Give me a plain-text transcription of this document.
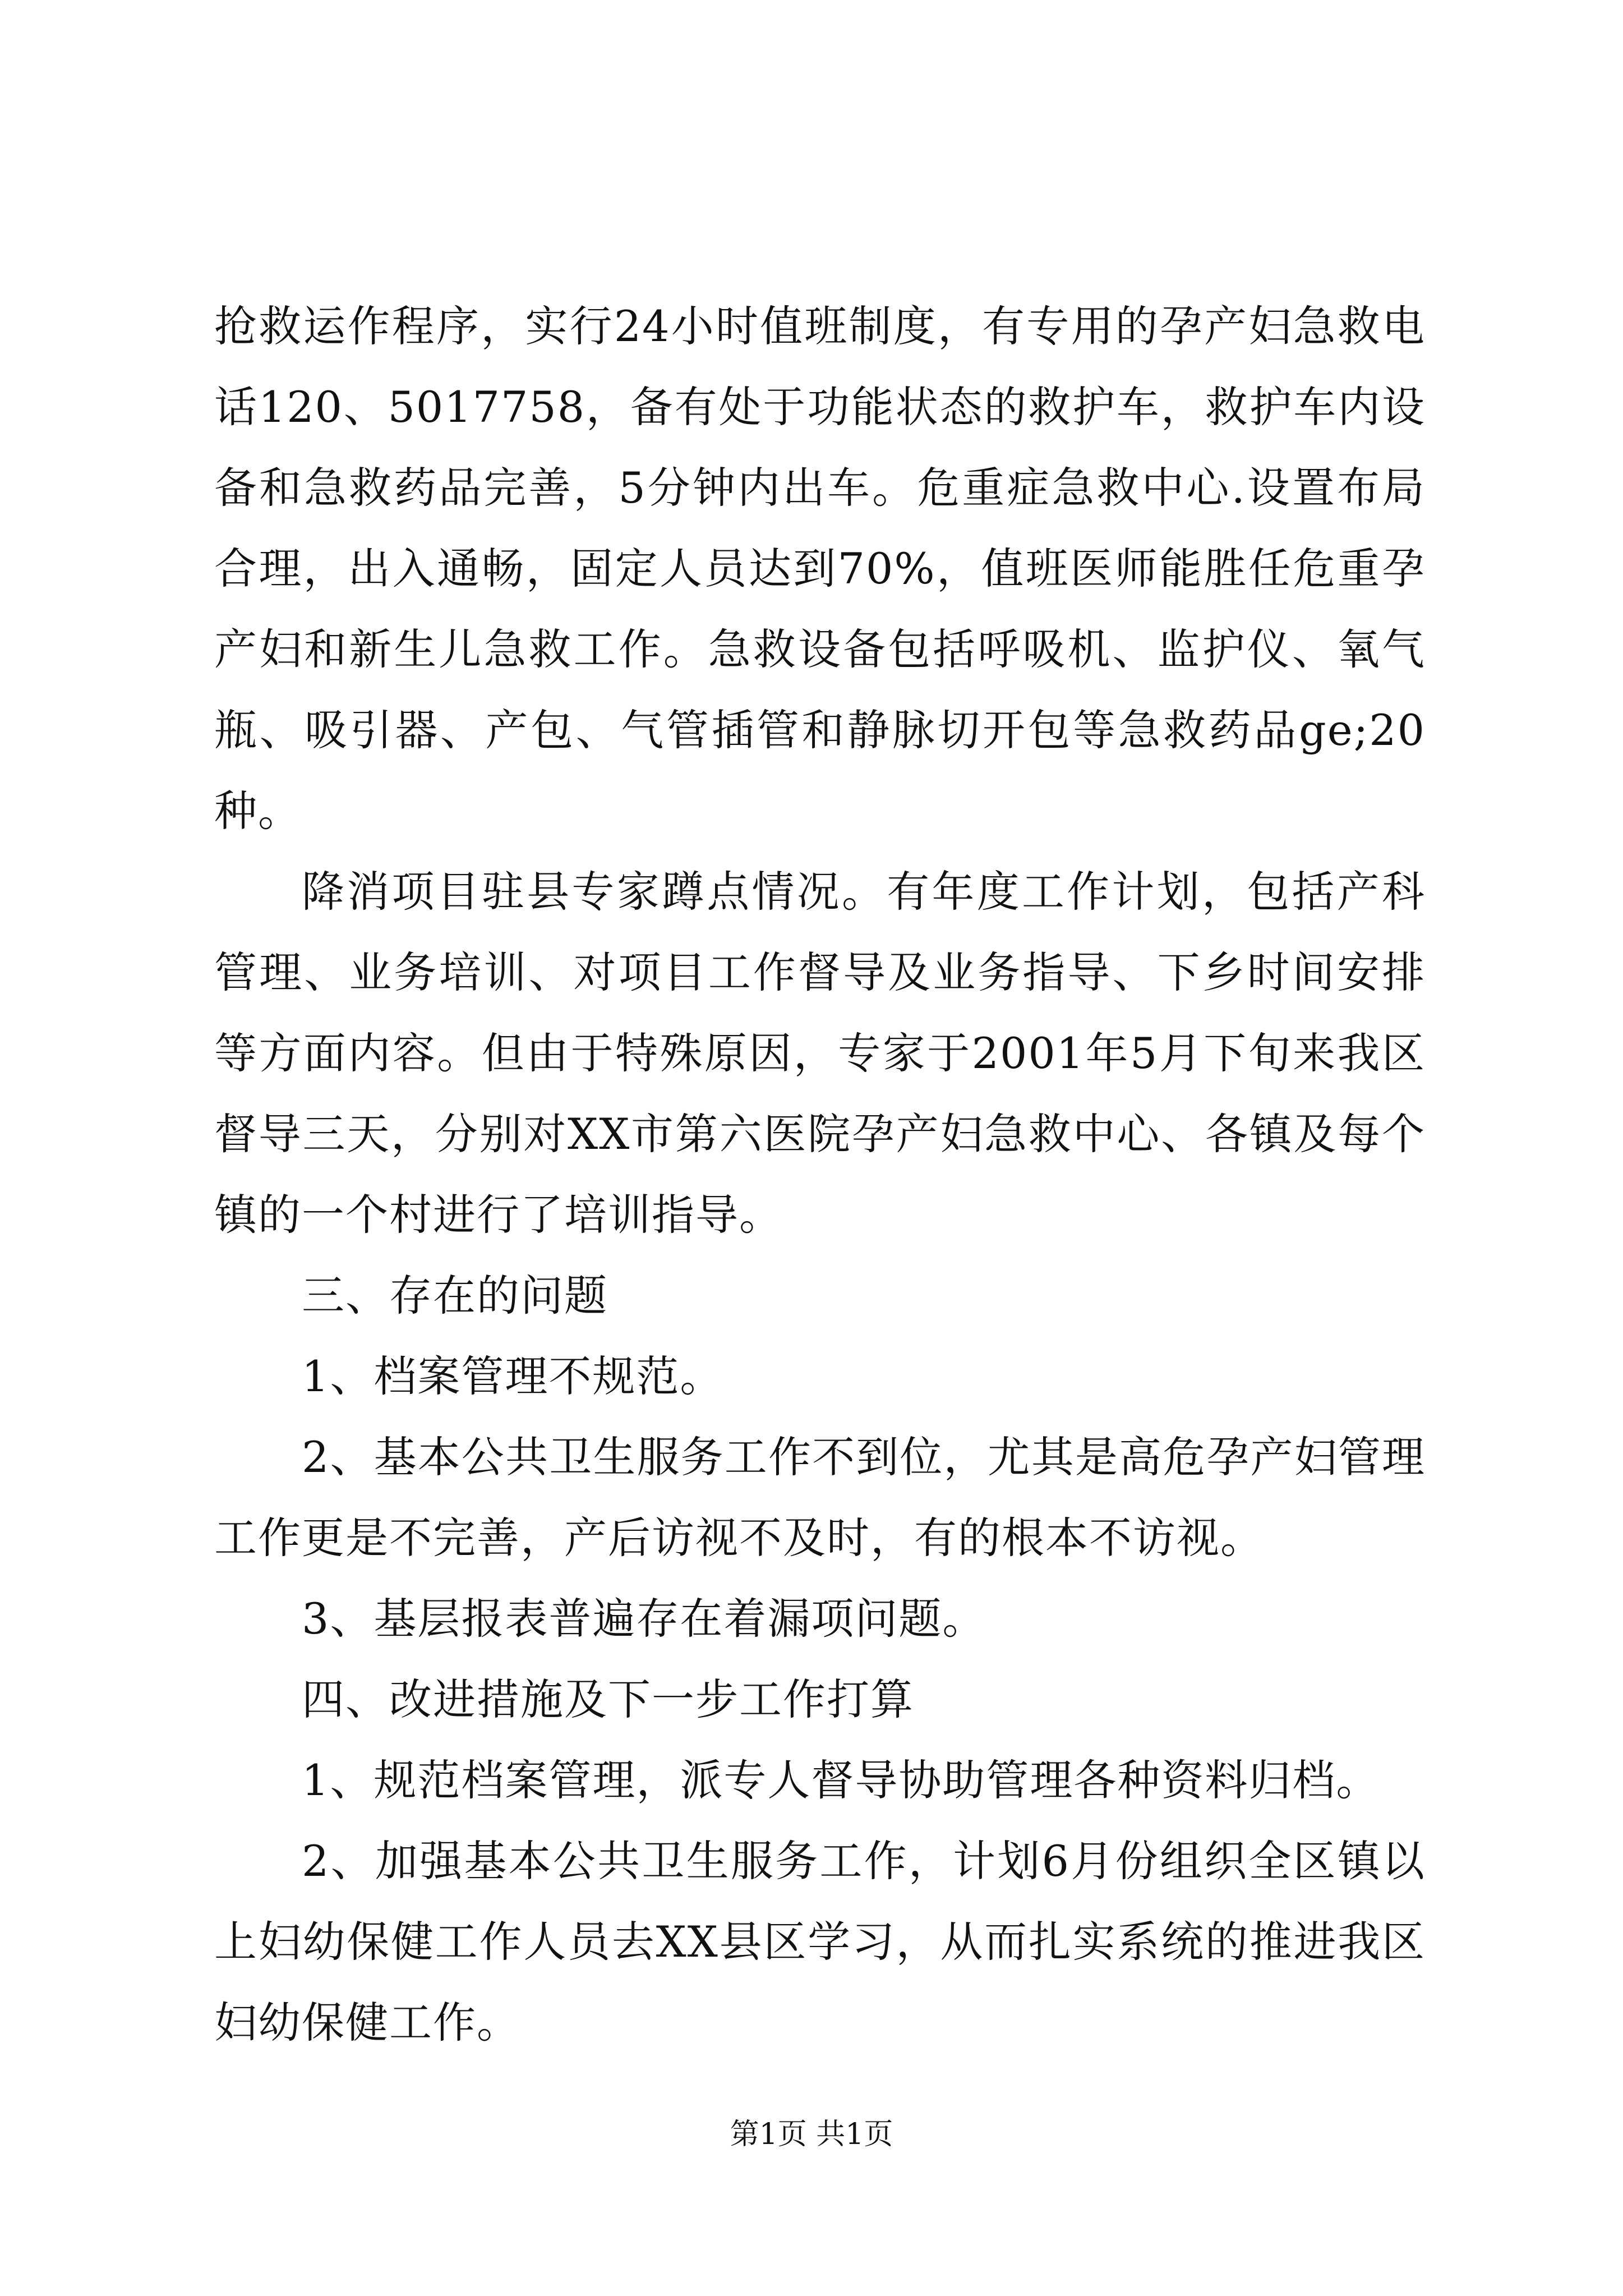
抢救运作程序，实行24小时值班制度，有专用的孕产妇急救电话120、5017758，备有处于功能状态的救护车，救护车内设备和急救药品完善，5分钟内出车。危重症急救中心.设置布局合理，出入通畅，固定人员达到70%，值班医师能胜任危重孕产妇和新生儿急救工作。急救设备包括呼吸机、监护仪、氧气瓶、吸引器、产包、气管插管和静脉切开包等急救药品ge;20种。

降消项目驻县专家蹲点情况。有年度工作计划，包括产科管理、业务培训、对项目工作督导及业务指导、下乡时间安排等方面内容。但由于特殊原因，专家于2001年5月下旬来我区督导三天，分别对XX市第六医院孕产妇急救中心、各镇及每个镇的一个村进行了培训指导。

三、存在的问题

1、档案管理不规范。

2、基本公共卫生服务工作不到位，尤其是高危孕产妇管理工作更是不完善，产后访视不及时，有的根本不访视。

3、基层报表普遍存在着漏项问题。

四、改进措施及下一步工作打算

1、规范档案管理，派专人督导协助管理各种资料归档。

2、加强基本公共卫生服务工作，计划6月份组织全区镇以上妇幼保健工作人员去XX县区学习，从而扎实系统的推进我区妇幼保健工作。

第1页 共1页
